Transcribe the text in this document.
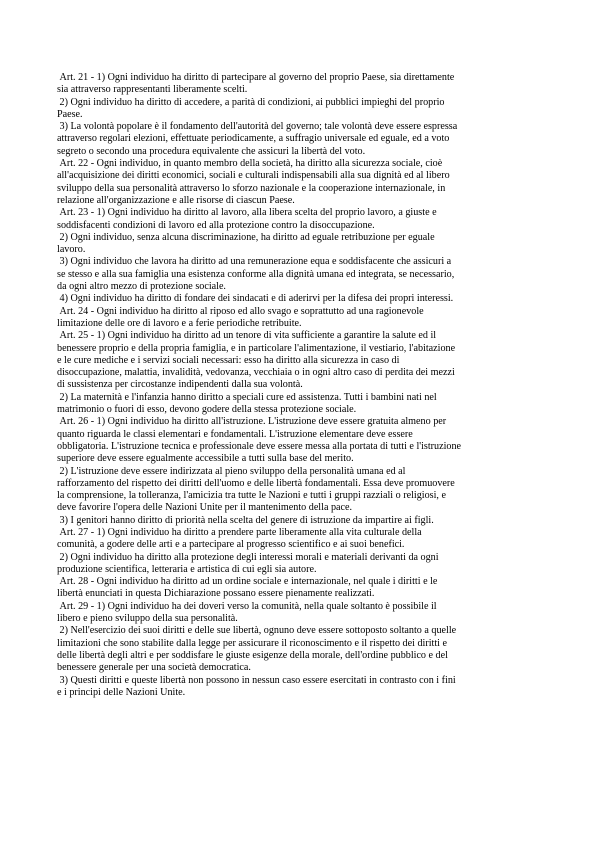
Art. 21 - 1) Ogni individuo ha diritto di partecipare al governo del proprio Paese, sia direttamente
sia attraverso rappresentanti liberamente scelti.

2) Ogni individuo ha diritto di accedere, a parità di condizioni, ai pubblici impieghi del proprio
Paese.

3) La volontà popolare è il fondamento dell'autorità del governo; tale volontà deve essere espressa
attraverso regolari elezioni, effettuate periodicamente, a suffragio universale ed eguale, ed a voto
segreto o secondo una procedura equivalente che assicuri la libertà del voto.

Art. 22 - Ogni individuo, in quanto membro della società, ha diritto alla sicurezza sociale, cioè
all'acquisizione dei diritti economici, sociali e culturali indispensabili alla sua dignità ed al libero
sviluppo della sua personalità attraverso lo sforzo nazionale e la cooperazione internazionale, in
relazione all'organizzazione e alle risorse di ciascun Paese.

Art. 23 - 1) Ogni individuo ha diritto al lavoro, alla libera scelta del proprio lavoro, a giuste e
soddisfacenti condizioni di lavoro ed alla protezione contro la disoccupazione.

2) Ogni individuo, senza alcuna discriminazione, ha diritto ad eguale retribuzione per eguale
lavoro.

3) Ogni individuo che lavora ha diritto ad una remunerazione equa e soddisfacente che assicuri a
se stesso e alla sua famiglia una esistenza conforme alla dignità umana ed integrata, se necessario,
da ogni altro mezzo di protezione sociale.

4) Ogni individuo ha diritto di fondare dei sindacati e di aderirvi per la difesa dei propri interessi.

Art. 24 - Ogni individuo ha diritto al riposo ed allo svago e soprattutto ad una ragionevole
limitazione delle ore di lavoro e a ferie periodiche retribuite.

Art. 25 - 1) Ogni individuo ha diritto ad un tenore di vita sufficiente a garantire la salute ed il
benessere proprio e della propria famiglia, e in particolare l'alimentazione, il vestiario, l'abitazione
e le cure mediche e i servizi sociali necessari: esso ha diritto alla sicurezza in caso di
disoccupazione, malattia, invalidità, vedovanza, vecchiaia o in ogni altro caso di perdita dei mezzi
di sussistenza per circostanze indipendenti dalla sua volontà.

2) La maternità e l'infanzia hanno diritto a speciali cure ed assistenza. Tutti i bambini nati nel
matrimonio o fuori di esso, devono godere della stessa protezione sociale.

Art. 26 - 1) Ogni individuo ha diritto all'istruzione. L'istruzione deve essere gratuita almeno per
quanto riguarda le classi elementari e fondamentali. L'istruzione elementare deve essere
obbligatoria. L'istruzione tecnica e professionale deve essere messa alla portata di tutti e l'istruzione
superiore deve essere egualmente accessibile a tutti sulla base del merito.

2) L'istruzione deve essere indirizzata al pieno sviluppo della personalità umana ed al
rafforzamento del rispetto dei diritti dell'uomo e delle libertà fondamentali. Essa deve promuovere
la comprensione, la tolleranza, l'amicizia tra tutte le Nazioni e tutti i gruppi razziali o religiosi, e
deve favorire l'opera delle Nazioni Unite per il mantenimento della pace.

3) I genitori hanno diritto di priorità nella scelta del genere di istruzione da impartire ai figli.

Art. 27 - 1) Ogni individuo ha diritto a prendere parte liberamente alla vita culturale della
comunità, a godere delle arti e a partecipare al progresso scientifico e ai suoi benefici.

2) Ogni individuo ha diritto alla protezione degli interessi morali e materiali derivanti da ogni
produzione scientifica, letteraria e artistica di cui egli sia autore.

Art. 28 - Ogni individuo ha diritto ad un ordine sociale e internazionale, nel quale i diritti e le
libertà enunciati in questa Dichiarazione possano essere pienamente realizzati.

Art. 29 - 1) Ogni individuo ha dei doveri verso la comunità, nella quale soltanto è possibile il
libero e pieno sviluppo della sua personalità.

2) Nell'esercizio dei suoi diritti e delle sue libertà, ognuno deve essere sottoposto soltanto a quelle
limitazioni che sono stabilite dalla legge per assicurare il riconoscimento e il rispetto dei diritti e
delle libertà degli altri e per soddisfare le giuste esigenze della morale, dell'ordine pubblico e del
benessere generale per una società democratica.

3) Questi diritti e queste libertà non possono in nessun caso essere esercitati in contrasto con i fini
e i principi delle Nazioni Unite.
